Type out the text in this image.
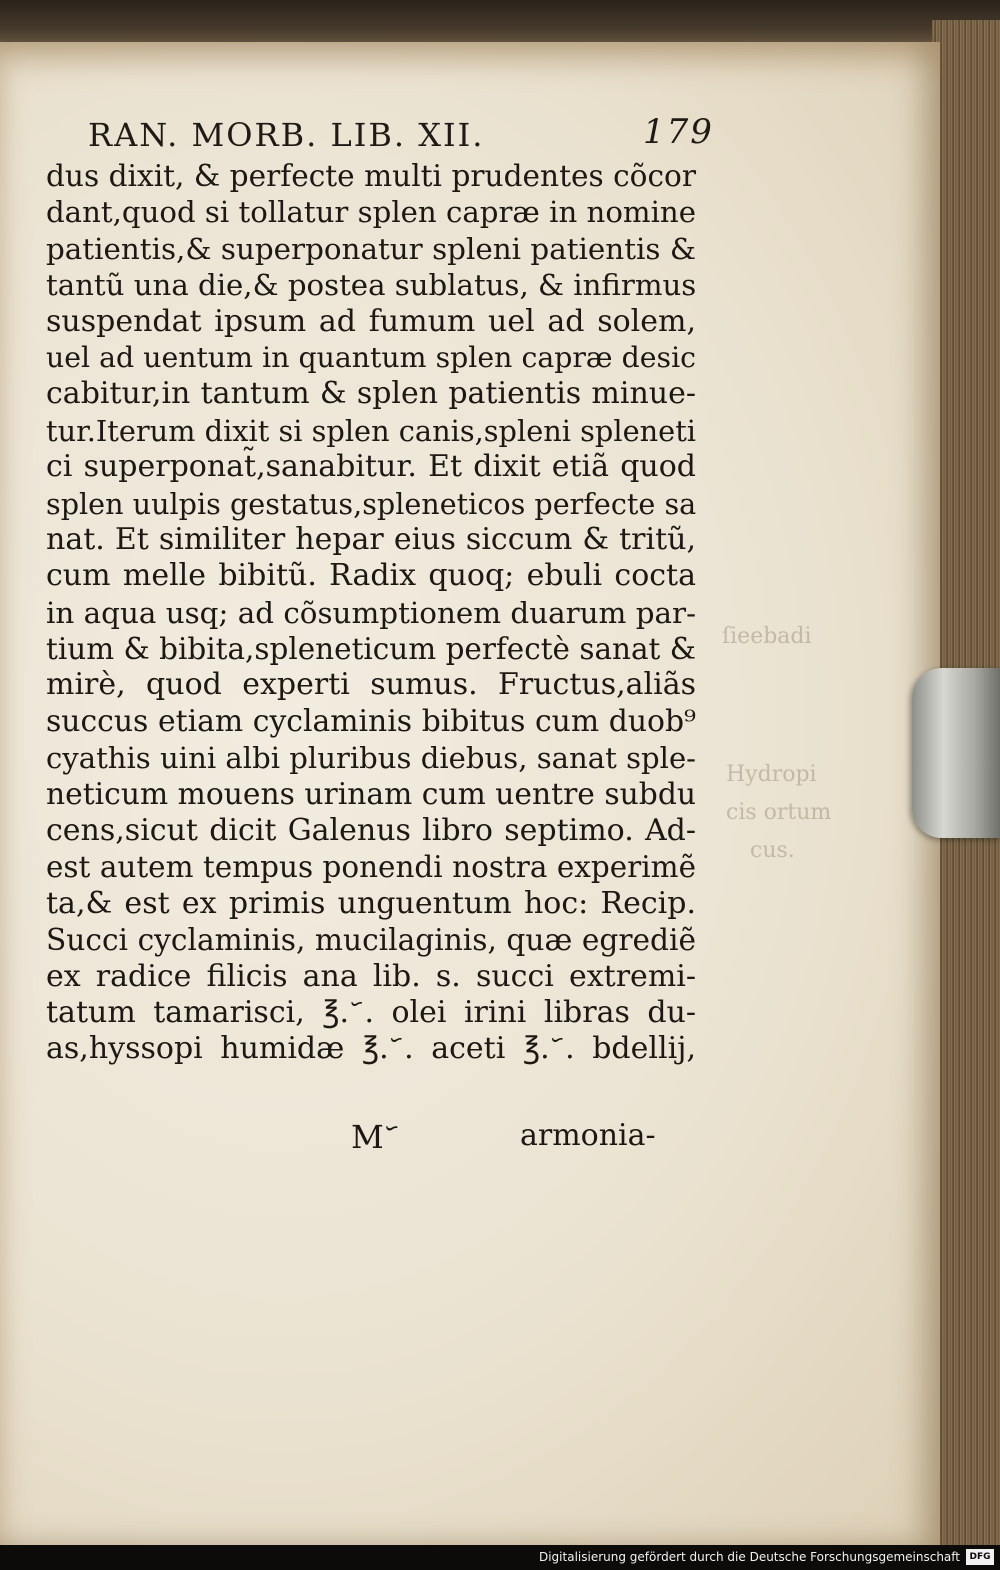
ſieebadi
Hydropi
cis ortum
cus.
RAN. MORB. LIB. XII.	179
dus dixit, & perfecte multi prudentes cõcor
dant,quod si tollatur splen capræ in nomine
patientis,& superponatur spleni patientis &
tantũ una die,& postea sublatus, & infirmus
suspendat ipsum ad fumum uel ad solem,
uel ad uentum in quantum splen capræ desic
cabitur,in tantum & splen patientis minue-
tur.Iterum dixit si splen canis,spleni spleneti
ci superponat̃,sanabitur. Et dixit etiã quod
splen uulpis gestatus,spleneticos perfecte sa
nat. Et similiter hepar eius siccum & tritũ,
cum melle bibitũ. Radix quoq; ebuli cocta
in aqua usq; ad cõsumptionem duarum par-
tium & bibita,spleneticum perfectè sanat &
mirè, quod experti sumus. Fructus,aliãs
succus etiam cyclaminis bibitus cum duob⁹
cyathis uini albi pluribus diebus, sanat sple-
neticum mouens urinam cum uentre subdu
cens,sicut dicit Galenus libro septimo. Ad-
est autem tempus ponendi nostra experimẽ
ta,& est ex primis unguentum hoc: Recip.
Succi cyclaminis, mucilaginis, quæ egrediẽ
ex radice filicis ana lib. s. succi extremi-
tatum tamarisci, ℥. ᷃. olei irini libras du-
as,hyssopi humidæ ℥. ᷃. aceti ℥. ᷃. bdellij,
M ᷃	armonia-
Digitalisierung gefördert durch die Deutsche Forschungsgemeinschaft	DFG
